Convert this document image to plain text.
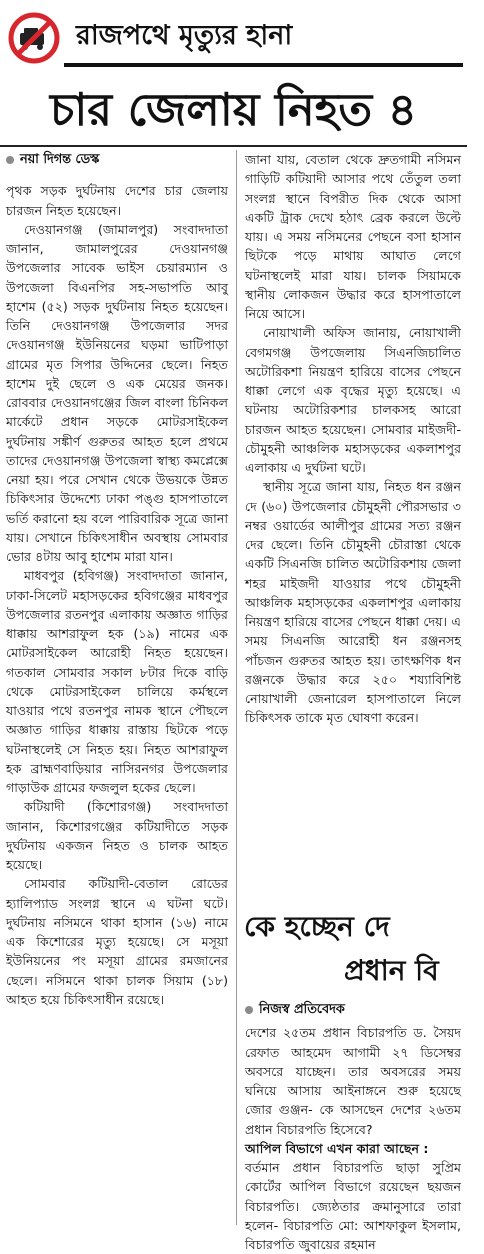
রাজপথে মৃত্যুর হানা
চার জেলায় নিহত ৪
নয়া দিগন্ত ডেস্ক

পৃথক সড়ক দুর্ঘটনায় দেশের চার জেলায় চারজন নিহত হয়েছেন।

দেওয়ানগঞ্জ (জামালপুর) সংবাদদাতা জানান, জামালপুরের দেওয়ানগঞ্জ উপজেলার সাবেক ভাইস চেয়ারম্যান ও উপজেলা বিএনপির সহ-সভাপতি আবু হাশেম (৫২) সড়ক দুর্ঘটনায় নিহত হয়েছেন। তিনি দেওয়ানগঞ্জ উপজেলার সদর দেওয়ানগঞ্জ ইউনিয়নের ঘড়মা ভাটিপাড়া গ্রামের মৃত সিপার উদ্দিনের ছেলে। নিহত হাশেম দুই ছেলে ও এক মেয়ের জনক। রোববার দেওয়ানগঞ্জের জিল বাংলা চিনিকল মার্কেটে প্রধান সড়কে মোটরসাইকেল দুর্ঘটনায় সঙ্কীর্ণ গুরুতর আহত হলে প্রথমে তাদের দেওয়ানগঞ্জ উপজেলা স্বাস্থ্য কমপ্লেক্সে নেয়া হয়। পরে সেখান থেকে উভয়কে উন্নত চিকিৎসার উদ্দেশ্যে ঢাকা পঙ্গু হাসপাতালে ভর্তি করানো হয় বলে পারিবারিক সূত্রে জানা যায়। সেখানে চিকিৎসাধীন অবস্থায় সোমবার ভোর ৪টায় আবু হাশেম মারা যান।

মাধবপুর (হবিগঞ্জ) সংবাদদাতা জানান, ঢাকা-সিলেট মহাসড়কের হবিগঞ্জের মাধবপুর উপজেলার রতনপুর এলাকায় অজ্ঞাত গাড়ির ধাক্কায় আশরাফুল হক (১৯) নামের এক মোটরসাইকেল আরোহী নিহত হয়েছেন। গতকাল সোমবার সকাল ৮টার দিকে বাড়ি থেকে মোটরসাইকেল চালিয়ে কর্মস্থলে যাওয়ার পথে রতনপুর নামক স্থানে পৌছলে অজ্ঞাত গাড়ির ধাক্কায় রাস্তায় ছিটকে পড়ে ঘটনাস্থলেই সে নিহত হয়। নিহত আশরাফুল হক ব্রাহ্মণবাড়িয়ার নাসিরনগর উপজেলার গাড়াউক গ্রামের ফজলুল হকের ছেলে।

কটিয়াদী (কিশোরগঞ্জ) সংবাদদাতা জানান, কিশোরগঞ্জের কটিয়াদীতে সড়ক দুর্ঘটনায় একজন নিহত ও চালক আহত হয়েছে।

সোমবার কটিয়াদী-বেতাল রোডের হ্যালিপ্যাড সংলগ্ন স্থানে এ ঘটনা ঘটে। দুর্ঘটনায় নসিমনে থাকা হাসান (১৬) নামে এক কিশোরের মৃত্যু হয়েছে। সে মসূয়া ইউনিয়নের পং মসূয়া গ্রামের রমজানের ছেলে। নসিমনে থাকা চালক সিয়াম (১৮) আহত হয়ে চিকিৎসাধীন রয়েছে।

জানা যায়, বেতাল থেকে দ্রুতগামী নসিমন গাড়িটি কটিয়াদী আসার পথে তেঁতুল তলা সংলগ্ন স্থানে বিপরীত দিক থেকে আসা একটি ট্রাক দেখে হঠাৎ ব্রেক করলে উল্টে যায়। এ সময় নসিমনের পেছনে বসা হাসান ছিটকে পড়ে মাথায় আঘাত লেগে ঘটনাস্থলেই মারা যায়। চালক সিয়ামকে স্থানীয় লোকজন উদ্ধার করে হাসপাতালে নিয়ে আসে।

নোয়াখালী অফিস জানায়, নোয়াখালী বেগমগঞ্জ উপজেলায় সিএনজিচালিত অটোরিকশা নিয়ন্ত্রণ হারিয়ে বাসের পেছনে ধাক্কা লেগে এক বৃদ্ধের মৃত্যু হয়েছে। এ ঘটনায় অটোরিকশার চালকসহ আরো চারজন আহত হয়েছেন। সোমবার মাইজদী-চৌমুহনী আঞ্চলিক মহাসড়কের একলাশপুর এলাকায় এ দুর্ঘটনা ঘটে।

স্থানীয় সূত্রে জানা যায়, নিহত ধন রঞ্জন দে (৬০) উপজেলার চৌমুহনী পৌরসভার ৩ নম্বর ওয়ার্ডের আলীপুর গ্রামের সত্য রঞ্জন দের ছেলে। তিনি চৌমুহনী চৌরাস্তা থেকে একটি সিএনজি চালিত অটোরিকশায় জেলা শহর মাইজদী যাওয়ার পথে চৌমুহনী আঞ্চলিক মহাসড়কের একলাশপুর এলাকায় নিয়ন্ত্রণ হারিয়ে বাসের পেছনে ধাক্কা দেয়। এ সময় সিএনজি আরোহী ধন রঞ্জনসহ পাঁচজন গুরুতর আহত হয়। তাৎক্ষণিক ধন রঞ্জনকে উদ্ধার করে ২৫০ শয্যাবিশিষ্ট নোয়াখালী জেনারেল হাসপাতালে নিলে চিকিৎসক তাকে মৃত ঘোষণা করেন।

কে হচ্ছেন দে
প্রধান বি
নিজস্ব প্রতিবেদক
দেশের ২৫তম প্রধান বিচারপতি ড. সৈয়দ রেফাত আহমেদ আগামী ২৭ ডিসেম্বর অবসরে যাচ্ছেন। তার অবসরের সময় ঘনিয়ে আসায় আইনাঙ্গনে শুরু হয়েছে জোর গুঞ্জন- কে আসছেন দেশের ২৬তম প্রধান বিচারপতি হিসেবে?
আপিল বিভাগে এখন কারা আছেন :
বর্তমান প্রধান বিচারপতি ছাড়া সুপ্রিম কোর্টের আপিল বিভাগে রয়েছেন ছয়জন বিচারপতি। জ্যেষ্ঠতার ক্রমানুসারে তারা হলেন- বিচারপতি মো: আশফাকুল ইসলাম, বিচারপতি জুবায়ের রহমান
